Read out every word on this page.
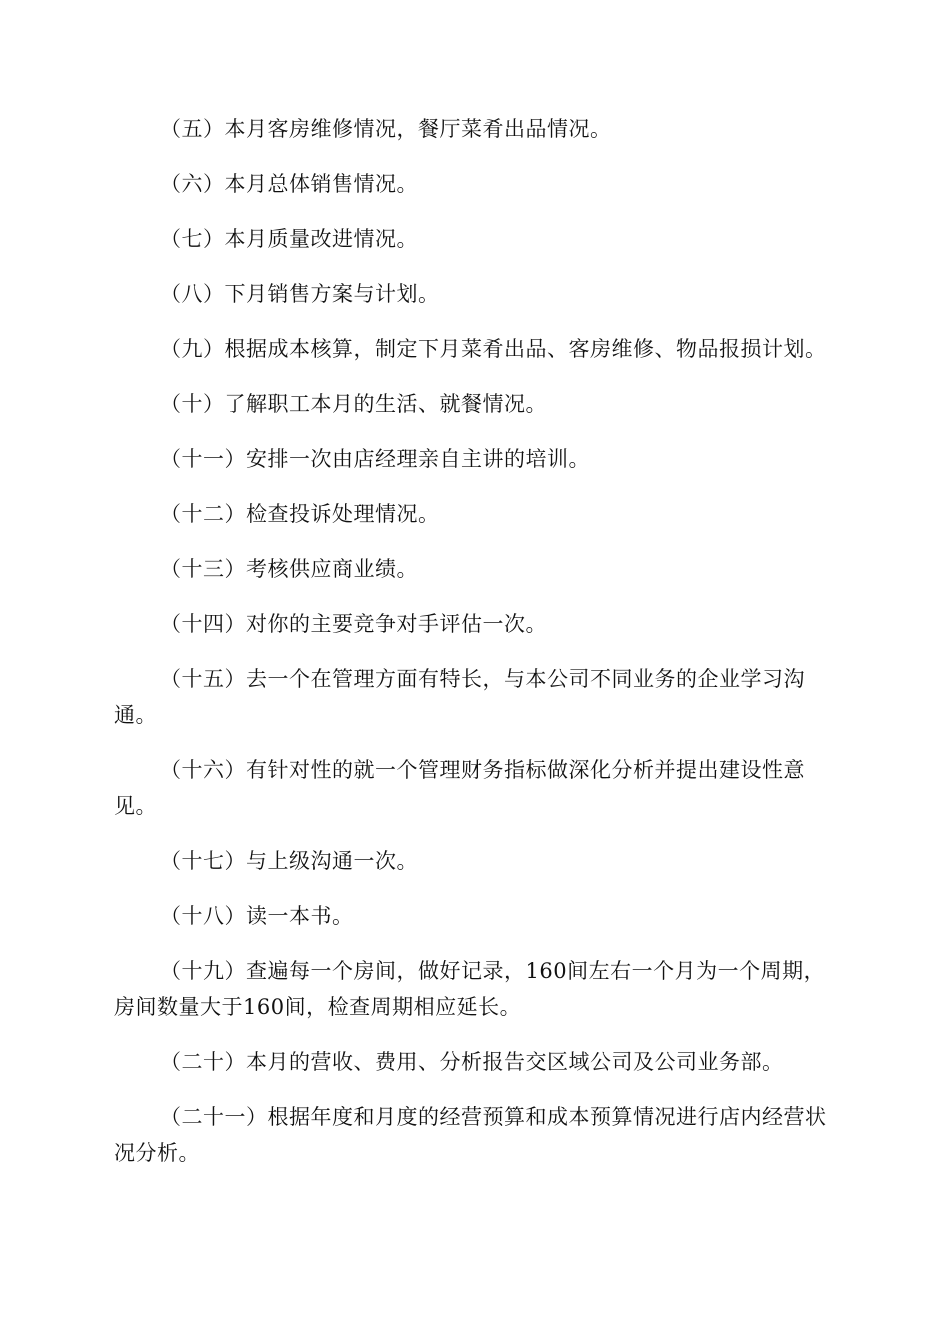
（五）本月客房维修情况，餐厅菜肴出品情况。

（六）本月总体销售情况。

（七）本月质量改进情况。

（八）下月销售方案与计划。

（九）根据成本核算，制定下月菜肴出品、客房维修、物品报损计划。

（十）了解职工本月的生活、就餐情况。

（十一）安排一次由店经理亲自主讲的培训。

（十二）检查投诉处理情况。

（十三）考核供应商业绩。

（十四）对你的主要竞争对手评估一次。

（十五）去一个在管理方面有特长，与本公司不同业务的企业学习沟通。

（十六）有针对性的就一个管理财务指标做深化分析并提出建设性意见。

（十七）与上级沟通一次。

（十八）读一本书。

（十九）查遍每一个房间，做好记录，160间左右一个月为一个周期，房间数量大于160间，检查周期相应延长。

（二十）本月的营收、费用、分析报告交区域公司及公司业务部。

（二十一）根据年度和月度的经营预算和成本预算情况进行店内经营状况分析。
